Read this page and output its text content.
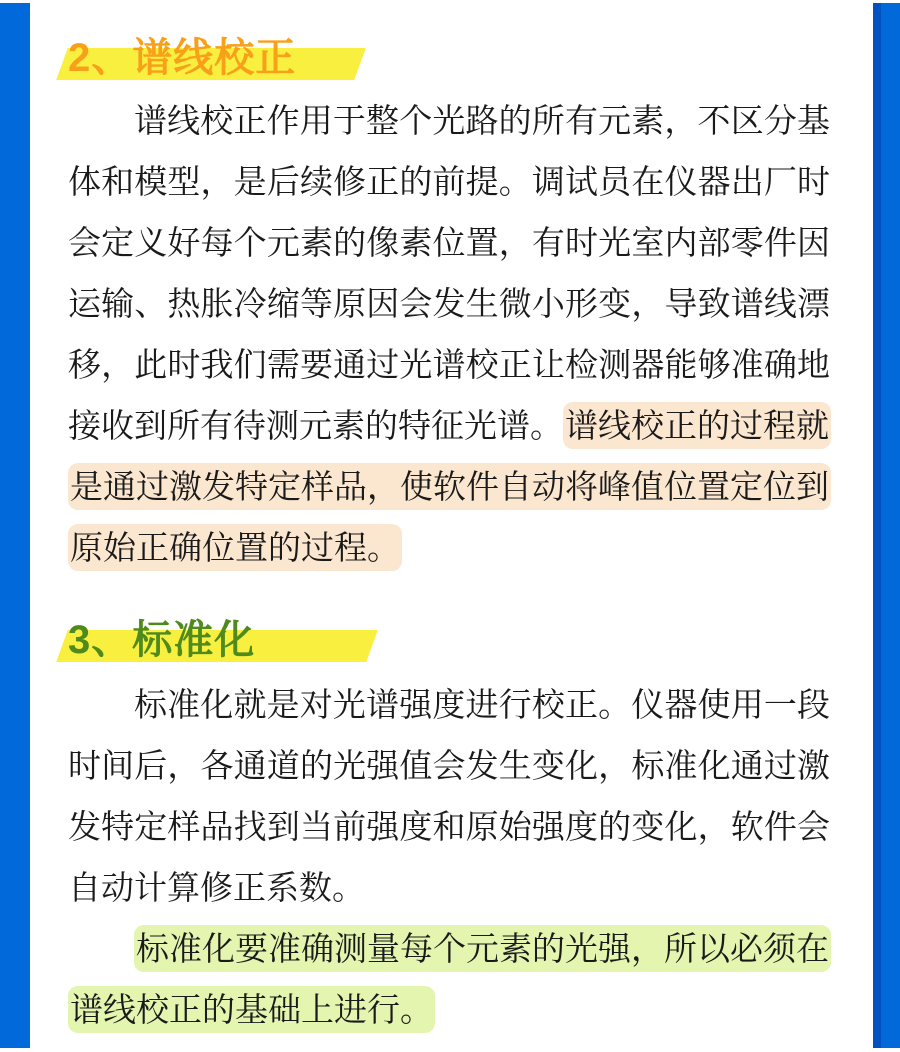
2、谱线校正

谱线校正作用于整个光路的所有元素，不区分基体和模型，是后续修正的前提。调试员在仪器出厂时会定义好每个元素的像素位置，有时光室内部零件因运输、热胀冷缩等原因会发生微小形变，导致谱线漂移，此时我们需要通过光谱校正让检测器能够准确地接收到所有待测元素的特征光谱。谱线校正的过程就是通过激发特定样品，使软件自动将峰值位置定位到原始正确位置的过程。

3、标准化

标准化就是对光谱强度进行校正。仪器使用一段时间后，各通道的光强值会发生变化，标准化通过激发特定样品找到当前强度和原始强度的变化，软件会自动计算修正系数。

标准化要准确测量每个元素的光强，所以必须在谱线校正的基础上进行。
